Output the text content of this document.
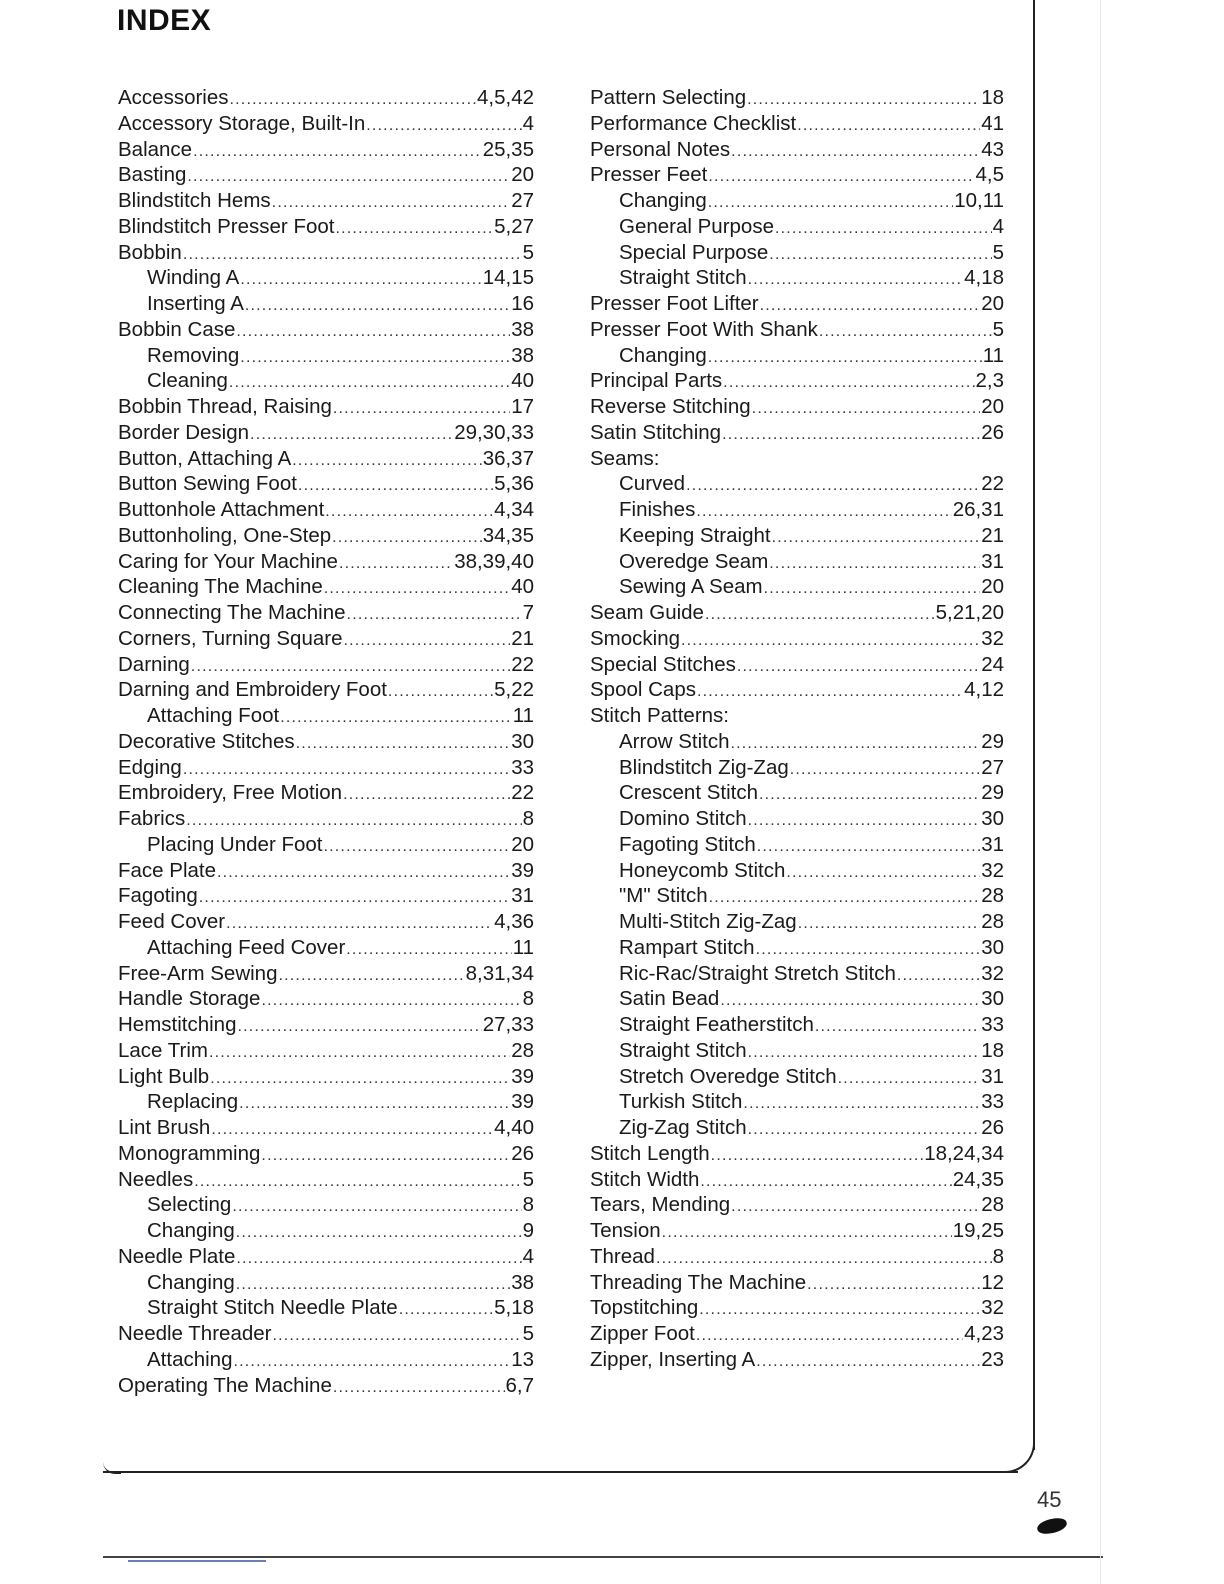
INDEX
Accessories .....	4,5,42
Accessory Storage, Built-In .....	4
Balance .....	25,35
Basting .....	20
Blindstitch Hems .....	27
Blindstitch Presser Foot .....	5,27
Bobbin .....	5
Winding A .....	14,15
Inserting A .....	16
Bobbin Case .....	38
Removing .....	38
Cleaning .....	40
Bobbin Thread, Raising .....	17
Border Design .....	29,30,33
Button, Attaching A .....	36,37
Button Sewing Foot .....	5,36
Buttonhole Attachment .....	4,34
Buttonholing, One-Step .....	34,35
Caring for Your Machine .....	38,39,40
Cleaning The Machine .....	40
Connecting The Machine .....	7
Corners, Turning Square .....	21
Darning .....	22
Darning and Embroidery Foot .....	5,22
Attaching Foot .....	11
Decorative Stitches .....	30
Edging .....	33
Embroidery, Free Motion .....	22
Fabrics .....	8
Placing Under Foot .....	20
Face Plate .....	39
Fagoting .....	31
Feed Cover .....	4,36
Attaching Feed Cover .....	11
Free-Arm Sewing .....	8,31,34
Handle Storage .....	8
Hemstitching .....	27,33
Lace Trim .....	28
Light Bulb .....	39
Replacing .....	39
Lint Brush .....	4,40
Monogramming .....	26
Needles .....	5
Selecting .....	8
Changing .....	9
Needle Plate .....	4
Changing .....	38
Straight Stitch Needle Plate .....	5,18
Needle Threader .....	5
Attaching .....	13
Operating The Machine .....	6,7
Pattern Selecting .....	18
Performance Checklist .....	41
Personal Notes .....	43
Presser Feet .....	4,5
Changing .....	10,11
General Purpose .....	4
Special Purpose .....	5
Straight Stitch .....	4,18
Presser Foot Lifter .....	20
Presser Foot With Shank .....	5
Changing .....	11
Principal Parts .....	2,3
Reverse Stitching .....	20
Satin Stitching .....	26
Seams:
Curved .....	22
Finishes .....	26,31
Keeping Straight .....	21
Overedge Seam .....	31
Sewing A Seam .....	20
Seam Guide .....	5,21,20
Smocking .....	32
Special Stitches .....	24
Spool Caps .....	4,12
Stitch Patterns:
Arrow Stitch .....	29
Blindstitch Zig-Zag .....	27
Crescent Stitch .....	29
Domino Stitch .....	30
Fagoting Stitch .....	31
Honeycomb Stitch .....	32
"M" Stitch .....	28
Multi-Stitch Zig-Zag .....	28
Rampart Stitch .....	30
Ric-Rac/Straight Stretch Stitch .....	32
Satin Bead .....	30
Straight Featherstitch .....	33
Straight Stitch .....	18
Stretch Overedge Stitch .....	31
Turkish Stitch .....	33
Zig-Zag Stitch .....	26
Stitch Length .....	18,24,34
Stitch Width .....	24,35
Tears, Mending .....	28
Tension .....	19,25
Thread .....	8
Threading The Machine .....	12
Topstitching .....	32
Zipper Foot .....	4,23
Zipper, Inserting A .....	23
45
